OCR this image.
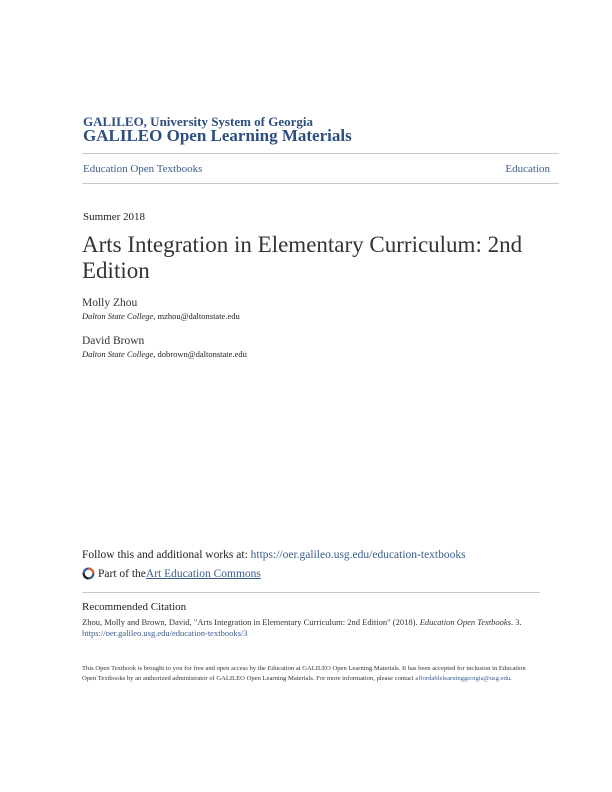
GALILEO, University System of Georgia
GALILEO Open Learning Materials
Education Open Textbooks	Education
Summer 2018
Arts Integration in Elementary Curriculum: 2nd Edition
Molly Zhou
Dalton State College, mzhou@daltonstate.edu
David Brown
Dalton State College, dobrown@daltonstate.edu
Follow this and additional works at: https://oer.galileo.usg.edu/education-textbooks
Part of the Art Education Commons
Recommended Citation
Zhou, Molly and Brown, David, "Arts Integration in Elementary Curriculum: 2nd Edition" (2018). Education Open Textbooks. 3.
https://oer.galileo.usg.edu/education-textbooks/3
This Open Textbook is brought to you for free and open access by the Education at GALILEO Open Learning Materials. It has been accepted for inclusion in Education Open Textbooks by an authorized administrator of GALILEO Open Learning Materials. For more information, please contact affordablelearninggeorgia@usg.edu.
